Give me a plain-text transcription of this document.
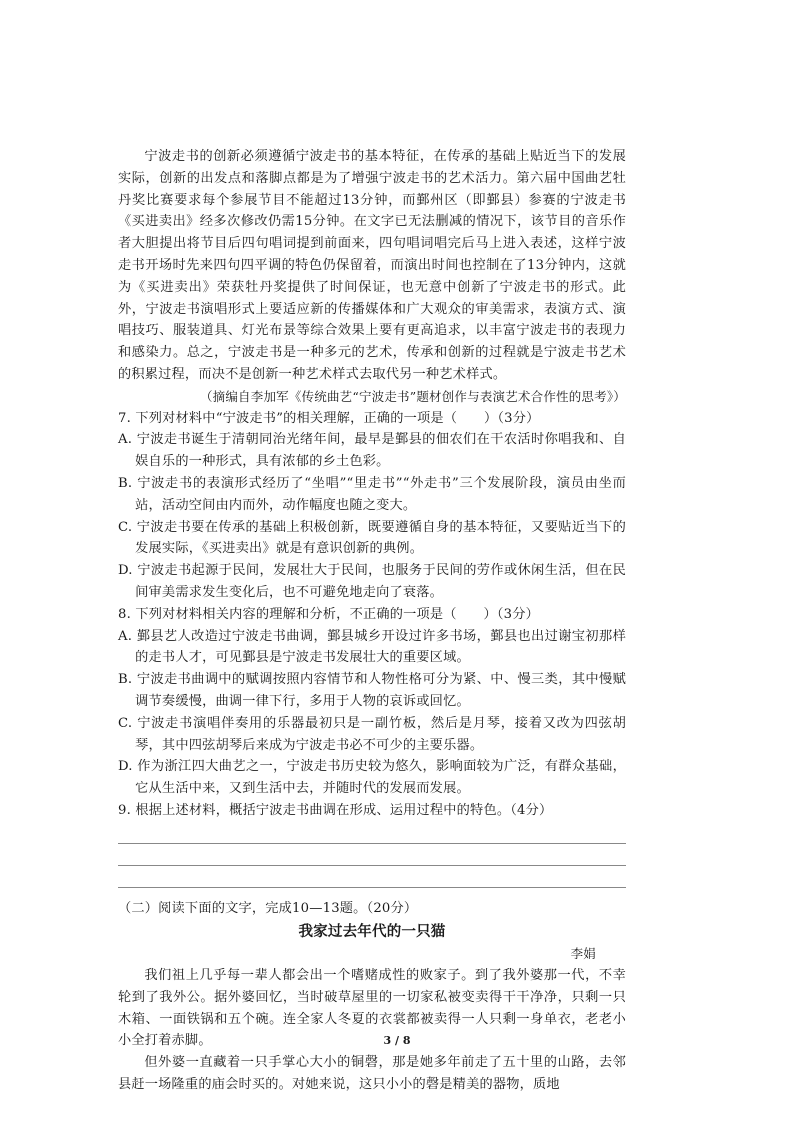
宁波走书的创新必须遵循宁波走书的基本特征，在传承的基础上贴近当下的发展实际，创新的出发点和落脚点都是为了增强宁波走书的艺术活力。第六届中国曲艺牡丹奖比赛要求每个参展节目不能超过13分钟，而鄞州区（即鄞县）参赛的宁波走书《买进卖出》经多次修改仍需15分钟。在文字已无法删减的情况下，该节目的音乐作者大胆提出将节目后四句唱词提到前面来，四句唱词唱完后马上进入表述，这样宁波走书开场时先来四句四平调的特色仍保留着，而演出时间也控制在了13分钟内，这就为《买进卖出》荣获牡丹奖提供了时间保证，也无意中创新了宁波走书的形式。此外，宁波走书演唱形式上要适应新的传播媒体和广大观众的审美需求，表演方式、演唱技巧、服装道具、灯光布景等综合效果上要有更高追求，以丰富宁波走书的表现力和感染力。总之，宁波走书是一种多元的艺术，传承和创新的过程就是宁波走书艺术的积累过程，而决不是创新一种艺术样式去取代另一种艺术样式。

（摘编自李加军《传统曲艺“宁波走书”题材创作与表演艺术合作性的思考》）

7. 下列对材料中“宁波走书”的相关理解，正确的一项是（　　）（3分）

A. 宁波走书诞生于清朝同治光绪年间，最早是鄞县的佃农们在干农活时你唱我和、自娱自乐的一种形式，具有浓郁的乡土色彩。

B. 宁波走书的表演形式经历了“坐唱”“里走书”“外走书”三个发展阶段，演员由坐而站，活动空间由内而外，动作幅度也随之变大。

C. 宁波走书要在传承的基础上积极创新，既要遵循自身的基本特征，又要贴近当下的发展实际，《买进卖出》就是有意识创新的典例。

D. 宁波走书起源于民间，发展壮大于民间，也服务于民间的劳作或休闲生活，但在民间审美需求发生变化后，也不可避免地走向了衰落。

8. 下列对材料相关内容的理解和分析，不正确的一项是（　　）（3分）

A. 鄞县艺人改造过宁波走书曲调，鄞县城乡开设过许多书场，鄞县也出过谢宝初那样的走书人才，可见鄞县是宁波走书发展壮大的重要区域。

B. 宁波走书曲调中的赋调按照内容情节和人物性格可分为紧、中、慢三类，其中慢赋调节奏缓慢，曲调一律下行，多用于人物的哀诉或回忆。

C. 宁波走书演唱伴奏用的乐器最初只是一副竹板，然后是月琴，接着又改为四弦胡琴，其中四弦胡琴后来成为宁波走书必不可少的主要乐器。

D. 作为浙江四大曲艺之一，宁波走书历史较为悠久，影响面较为广泛，有群众基础，它从生活中来，又到生活中去，并随时代的发展而发展。

9. 根据上述材料，概括宁波走书曲调在形成、运用过程中的特色。（4分）

（二）阅读下面的文字，完成10—13题。（20分）

我家过去年代的一只猫

李娟

我们祖上几乎每一辈人都会出一个嗜赌成性的败家子。到了我外婆那一代，不幸轮到了我外公。据外婆回忆，当时破草屋里的一切家私被变卖得干干净净，只剩一只木箱、一面铁锅和五个碗。连全家人冬夏的衣裳都被卖得一人只剩一身单衣，老老小小全打着赤脚。

但外婆一直藏着一只手掌心大小的铜磬，那是她多年前走了五十里的山路，去邻县赶一场隆重的庙会时买的。对她来说，这只小小的磬是精美的器物，质地

3 / 8
